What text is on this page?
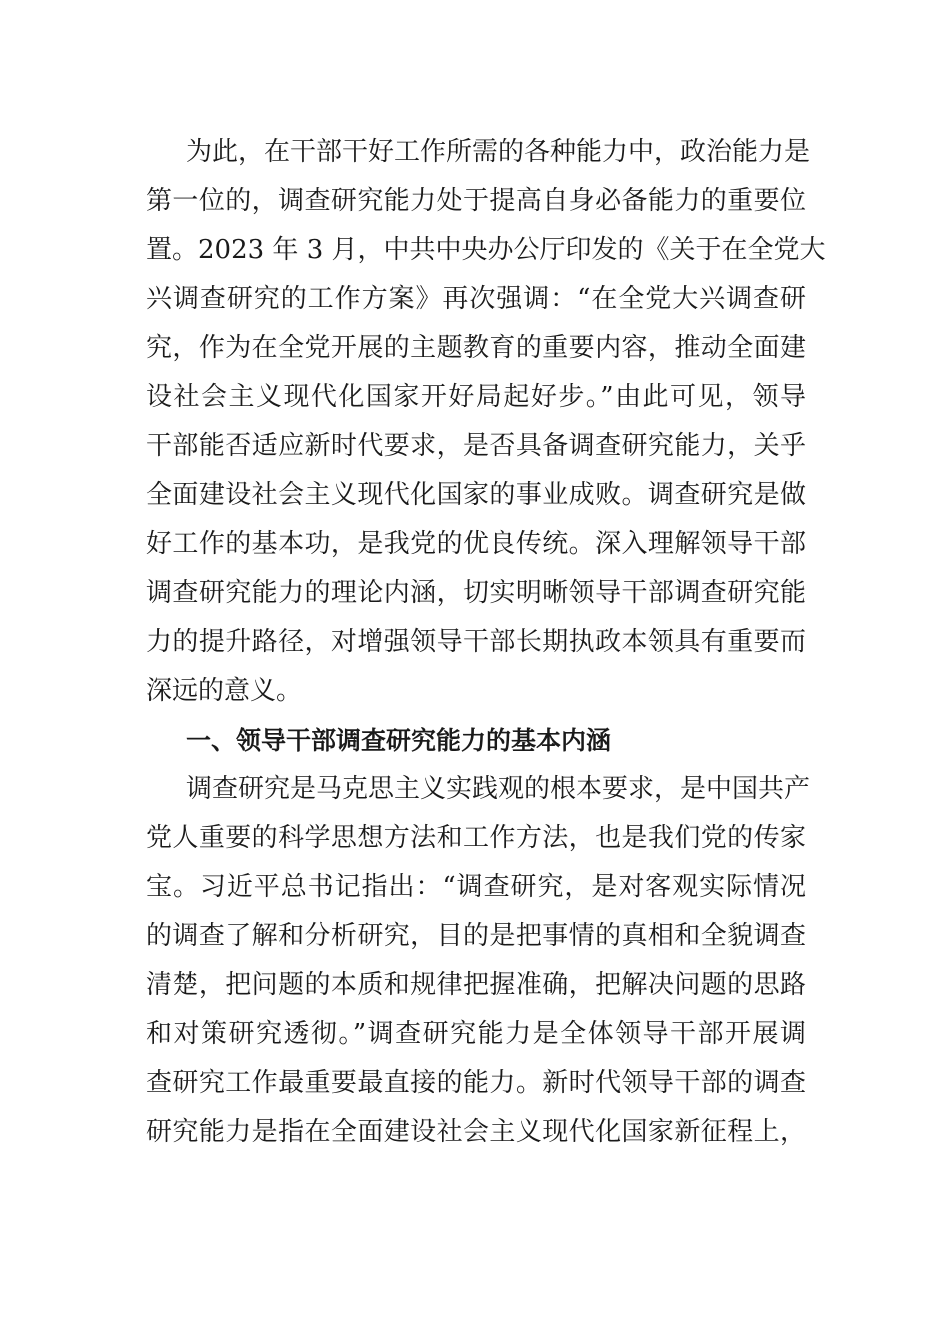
为此，在干部干好工作所需的各种能力中，政治能力是
第一位的，调查研究能力处于提高自身必备能力的重要位
置。2023 年 3 月，中共中央办公厅印发的《关于在全党大
兴调查研究的工作方案》再次强调：“在全党大兴调查研
究，作为在全党开展的主题教育的重要内容，推动全面建
设社会主义现代化国家开好局起好步。”由此可见，领导
干部能否适应新时代要求，是否具备调查研究能力，关乎
全面建设社会主义现代化国家的事业成败。调查研究是做
好工作的基本功，是我党的优良传统。深入理解领导干部
调查研究能力的理论内涵，切实明晰领导干部调查研究能
力的提升路径，对增强领导干部长期执政本领具有重要而
深远的意义。
一、领导干部调查研究能力的基本内涵
调查研究是马克思主义实践观的根本要求，是中国共产
党人重要的科学思想方法和工作方法，也是我们党的传家
宝。习近平总书记指出：“调查研究，是对客观实际情况
的调查了解和分析研究，目的是把事情的真相和全貌调查
清楚，把问题的本质和规律把握准确，把解决问题的思路
和对策研究透彻。”调查研究能力是全体领导干部开展调
查研究工作最重要最直接的能力。新时代领导干部的调查
研究能力是指在全面建设社会主义现代化国家新征程上，
